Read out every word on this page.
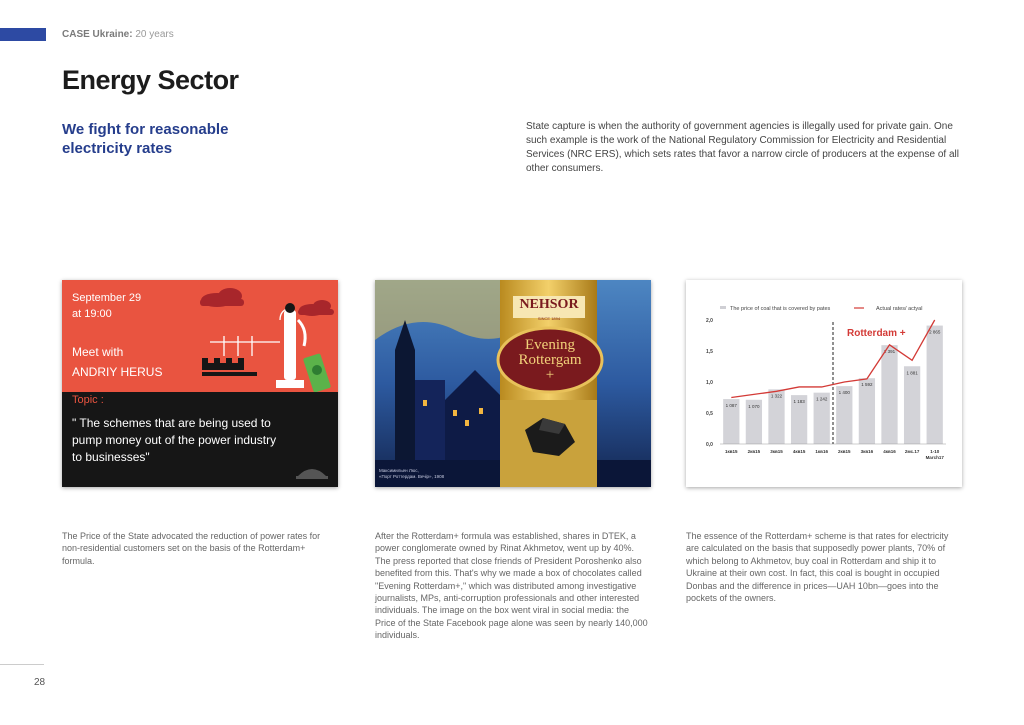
CASE Ukraine: 20 years
Energy Sector
We fight for reasonable electricity rates

State capture is when the authority of government agencies is illegally used for private gain. One such example is the work of the National Regulatory Commission for Electricity and Residential Services (NRC ERS), which sets rates that favor a narrow circle of producers at the expense of all other consumers.

September 29
at 19:00
Meet with
ANDRIY HERUS
Topic :
" The schemes that are being used to
pump money out of the power industry
to businesses"
NEHSOR
SINCE 1894
Evening
Rottergam
+
Максимильен Люс,
«Порт Роттердам. Вечір», 1908
0,0
0,5
1,0
1,5
2,0
The price of coal that is covered by pates	Actual rates/ actyal
1 087
1кв15
1 070
2кв15
1 322
3кв15
1 183
4кв15
1 242
1кв16
1 400
2кв15
1 592
3кв16
2 391
4кв16
1 881
2мс.17
2 865
1-10
March17
Rotterdam +

The Price of the State advocated the reduction of power rates for non-residential customers set on the basis of the Rotterdam+ formula.

After the Rotterdam+ formula was established, shares in DTEK, a power conglomerate owned by Rinat Akhmetov, went up by 40%. The press reported that close friends of President Poroshenko also benefited from this. That's why we made a box of chocolates called "Evening Rotterdam+," which was distributed among investigative journalists, MPs, anti-corruption professionals and other interested individuals. The image on the box went viral in social media: the Price of the State Facebook page alone was seen by nearly 140,000 individuals.

The essence of the Rotterdam+ scheme is that rates for electricity are calculated on the basis that supposedly power plants, 70% of which belong to Akhmetov, buy coal in Rotterdam and ship it to Ukraine at their own cost. In fact, this coal is bought in occupied Donbas and the difference in prices—UAH 10bn—goes into the pockets of the owners.

28
